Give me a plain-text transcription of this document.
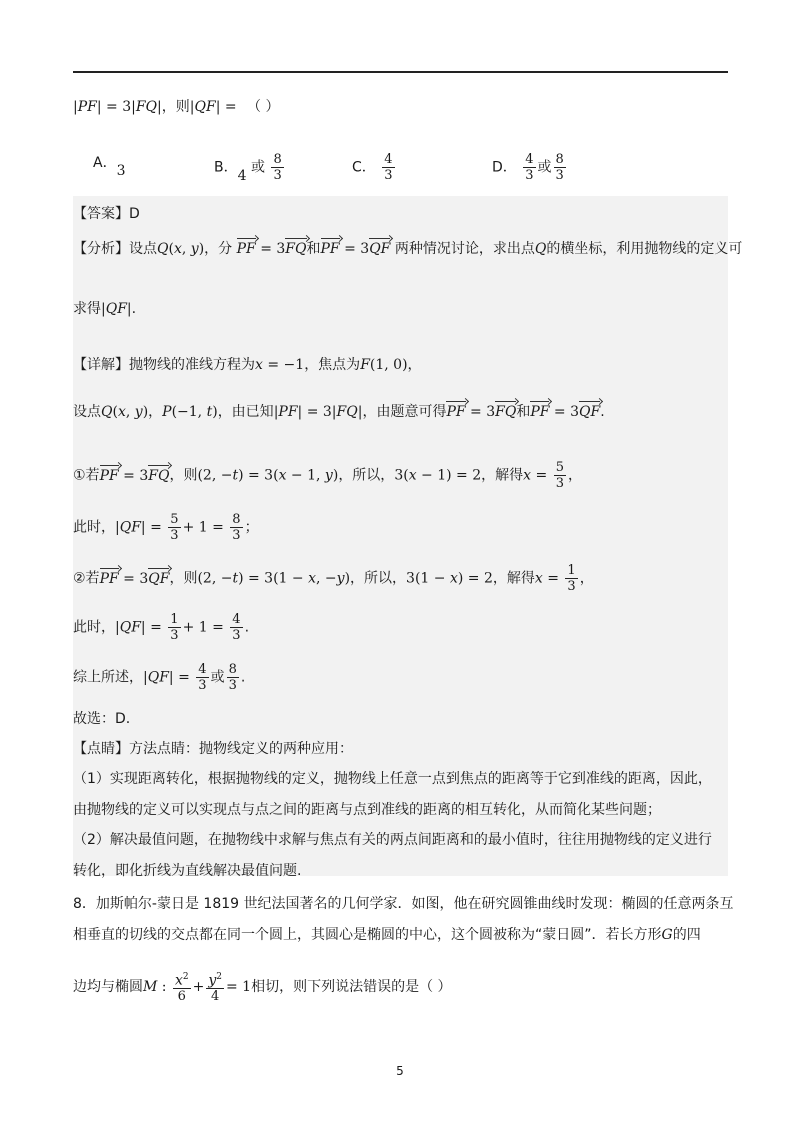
|PF| = 3|FQ|，则|QF| = （ ）
A．3	B．4 或 $\frac{8}{3}$	C． $\frac{4}{3}$	D． $\frac{4}{3}$ 或 $\frac{8}{3}$
【答案】D
【分析】设点Q(x, y)，分 PF = 3FQ和PF = 3QF 两种情况讨论，求出点Q的横坐标，利用抛物线的定义可
求得|QF|.
【详解】抛物线的准线方程为x = −1，焦点为F(1, 0)，
设点Q(x, y)，P(−1, t)，由已知|PF| = 3|FQ|，由题意可得PF = 3FQ和PF = 3QF.
①若PF = 3FQ，则(2, −t) = 3(x − 1, y)，所以，3(x − 1) = 2，解得$x = \frac{5}{3}$ ，
此时，$|QF| = \frac{5}{3} + 1 = \frac{8}{3}$ ；
②若PF = 3QF，则(2, −t) = 3(1 − x, −y)，所以，3(1 − x) = 2，解得$x = \frac{1}{3}$ ，
此时，$|QF| = \frac{1}{3} + 1 = \frac{4}{3}$ .
综上所述，$|QF| = \frac{4}{3}$ 或 $\frac{8}{3}$ .
故选：D.
【点睛】方法点睛：抛物线定义的两种应用：
（1）实现距离转化，根据抛物线的定义，抛物线上任意一点到焦点的距离等于它到准线的距离，因此，
由抛物线的定义可以实现点与点之间的距离与点到准线的距离的相互转化，从而简化某些问题；
（2）解决最值问题，在抛物线中求解与焦点有关的两点间距离和的最小值时，往往用抛物线的定义进行
转化，即化折线为直线解决最值问题.
8．加斯帕尔-蒙日是 1819 世纪法国著名的几何学家．如图，他在研究圆锥曲线时发现：椭圆的任意两条互
相垂直的切线的交点都在同一个圆上，其圆心是椭圆的中心，这个圆被称为“蒙日圆”．若长方形G的四
边均与椭圆M : $\frac{x^2}{6} + \frac{y^2}{4} = 1$相切，则下列说法错误的是（ ）
5
